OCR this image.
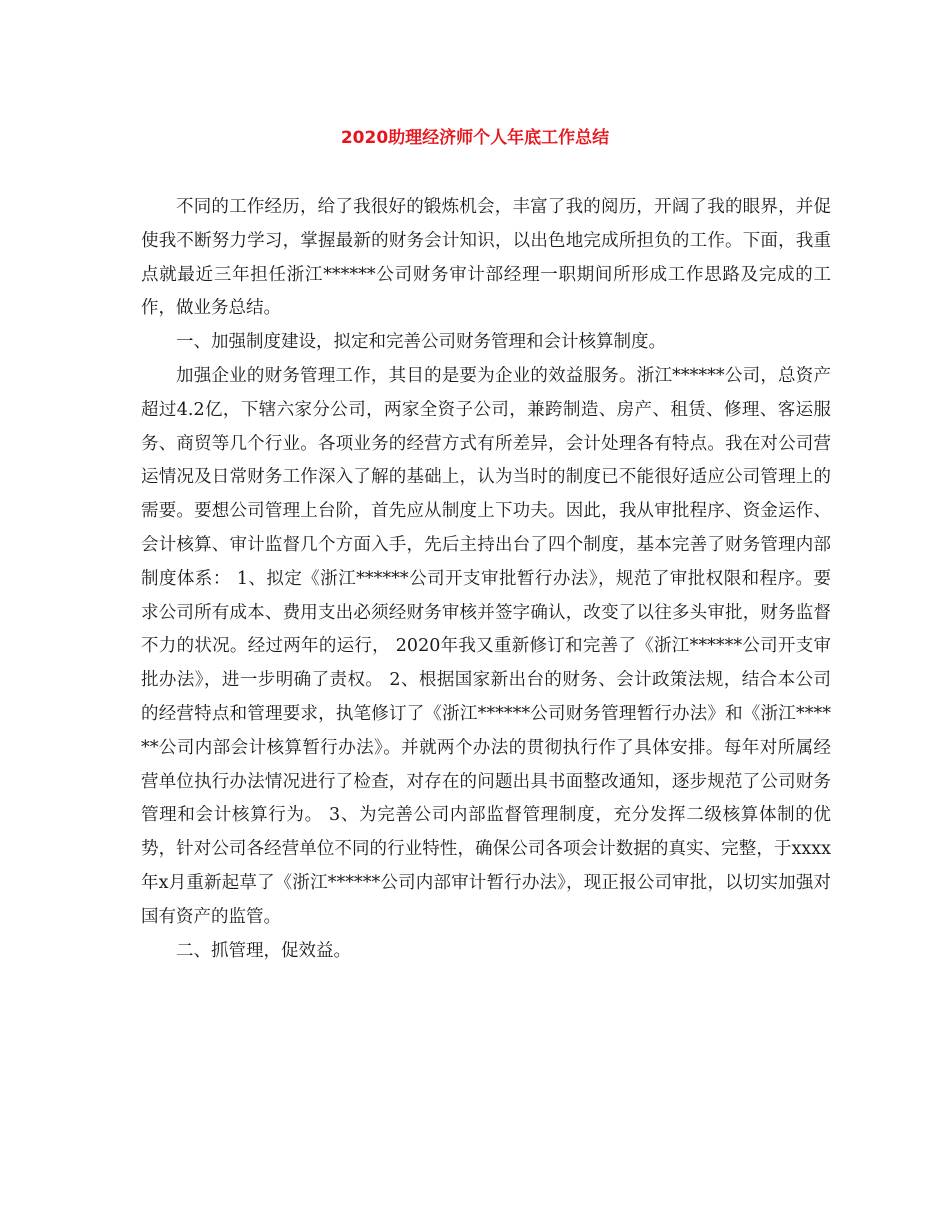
2020助理经济师个人年底工作总结

不同的工作经历，给了我很好的锻炼机会，丰富了我的阅历，开阔了我的眼界，并促使我不断努力学习，掌握最新的财务会计知识，以出色地完成所担负的工作。下面，我重点就最近三年担任浙江******公司财务审计部经理一职期间所形成工作思路及完成的工作，做业务总结。

一、加强制度建设，拟定和完善公司财务管理和会计核算制度。

加强企业的财务管理工作，其目的是要为企业的效益服务。浙江******公司，总资产超过4.2亿，下辖六家分公司，两家全资子公司，兼跨制造、房产、租赁、修理、客运服务、商贸等几个行业。各项业务的经营方式有所差异，会计处理各有特点。我在对公司营运情况及日常财务工作深入了解的基础上，认为当时的制度已不能很好适应公司管理上的需要。要想公司管理上台阶，首先应从制度上下功夫。因此，我从审批程序、资金运作、会计核算、审计监督几个方面入手，先后主持出台了四个制度，基本完善了财务管理内部制度体系： 1、拟定《浙江******公司开支审批暂行办法》，规范了审批权限和程序。要求公司所有成本、费用支出必须经财务审核并签字确认，改变了以往多头审批，财务监督不力的状况。经过两年的运行， 2020年我又重新修订和完善了《浙江******公司开支审批办法》，进一步明确了责权。 2、根据国家新出台的财务、会计政策法规，结合本公司的经营特点和管理要求，执笔修订了《浙江******公司财务管理暂行办法》和《浙江******公司内部会计核算暂行办法》。并就两个办法的贯彻执行作了具体安排。每年对所属经营单位执行办法情况进行了检查，对存在的问题出具书面整改通知，逐步规范了公司财务管理和会计核算行为。 3、为完善公司内部监督管理制度，充分发挥二级核算体制的优势，针对公司各经营单位不同的行业特性，确保公司各项会计数据的真实、完整，于xxxx年x月重新起草了《浙江******公司内部审计暂行办法》，现正报公司审批，以切实加强对国有资产的监管。

二、抓管理，促效益。
